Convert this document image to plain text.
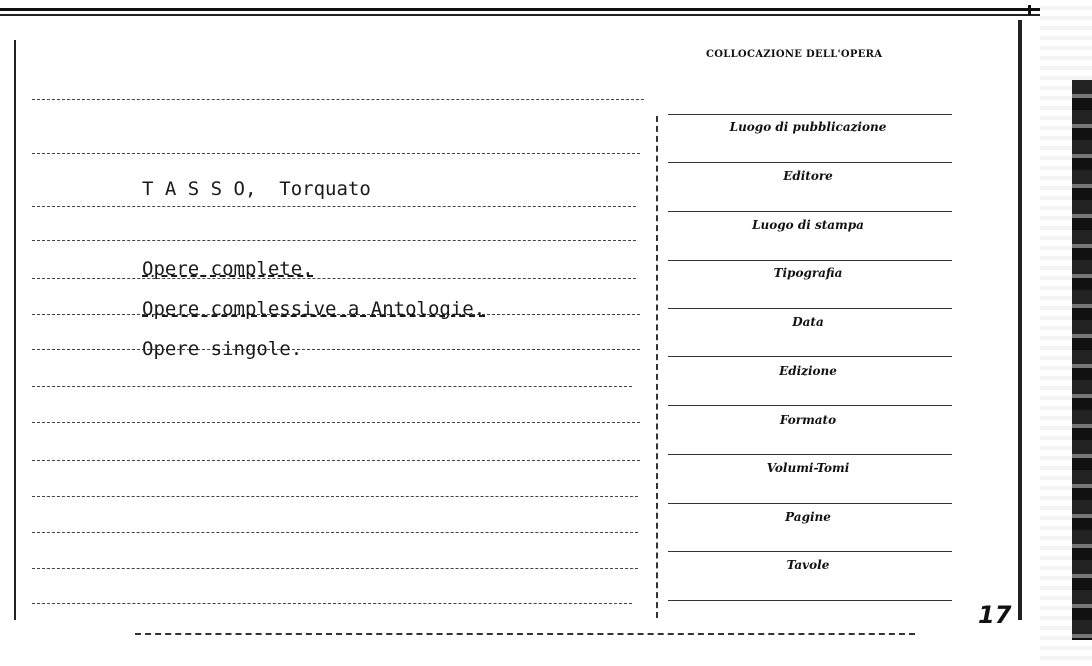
T A S S O,  Torquato
Opere complete.
Opere complessive a Antologie.
Opere singole.
COLLOCAZIONE DELL'OPERA
Luogo di pubblicazione
Editore
Luogo di stampa
Tipografia
Data
Edizione
Formato
Volumi-Tomi
Pagine
Tavole
17
